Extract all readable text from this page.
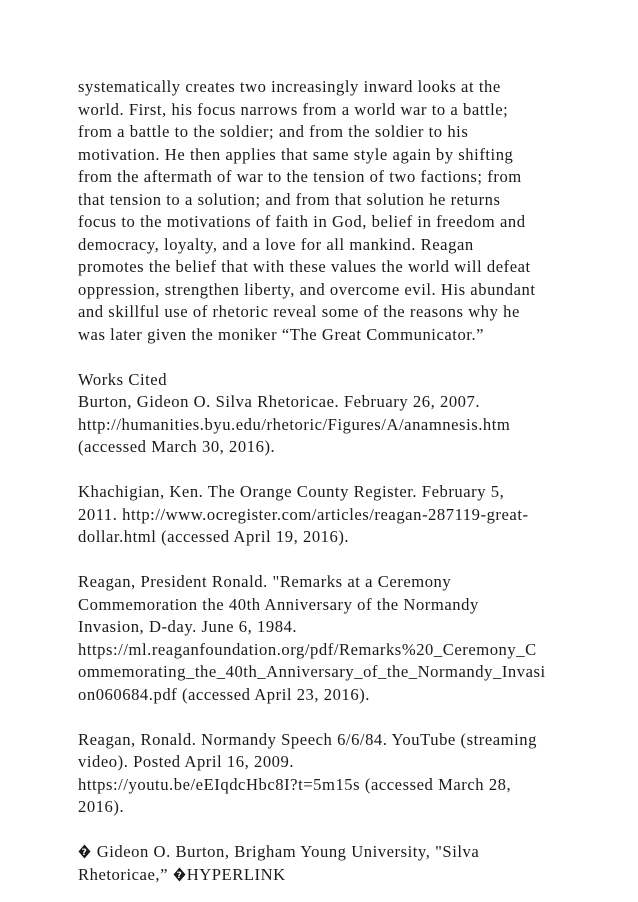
systematically creates two increasingly inward looks at the
world. First, his focus narrows from a world war to a battle;
from a battle to the soldier; and from the soldier to his
motivation. He then applies that same style again by shifting
from the aftermath of war to the tension of two factions; from
that tension to a solution; and from that solution he returns
focus to the motivations of faith in God, belief in freedom and
democracy, loyalty, and a love for all mankind. Reagan
promotes the belief that with these values the world will defeat
oppression, strengthen liberty, and overcome evil. His abundant
and skillful use of rhetoric reveal some of the reasons why he
was later given the moniker “The Great Communicator.”
Works Cited
Burton, Gideon O. Silva Rhetoricae. February 26, 2007.
http://humanities.byu.edu/rhetoric/Figures/A/anamnesis.htm
(accessed March 30, 2016).
Khachigian, Ken. The Orange County Register. February 5,
2011. http://www.ocregister.com/articles/reagan-287119-great-
dollar.html (accessed April 19, 2016).
Reagan, President Ronald. "Remarks at a Ceremony
Commemoration the 40th Anniversary of the Normandy
Invasion, D-day. June 6, 1984.
https://ml.reaganfoundation.org/pdf/Remarks%20_Ceremony_C
ommemorating_the_40th_Anniversary_of_the_Normandy_Invasi
on060684.pdf (accessed April 23, 2016).
Reagan, Ronald. Normandy Speech 6/6/84. YouTube (streaming
video). Posted April 16, 2009.
https://youtu.be/eEIqdcHbc8I?t=5m15s (accessed March 28,
2016).
? Gideon O. Burton, Brigham Young University, "Silva
Rhetoricae,” ? HYPERLINK
